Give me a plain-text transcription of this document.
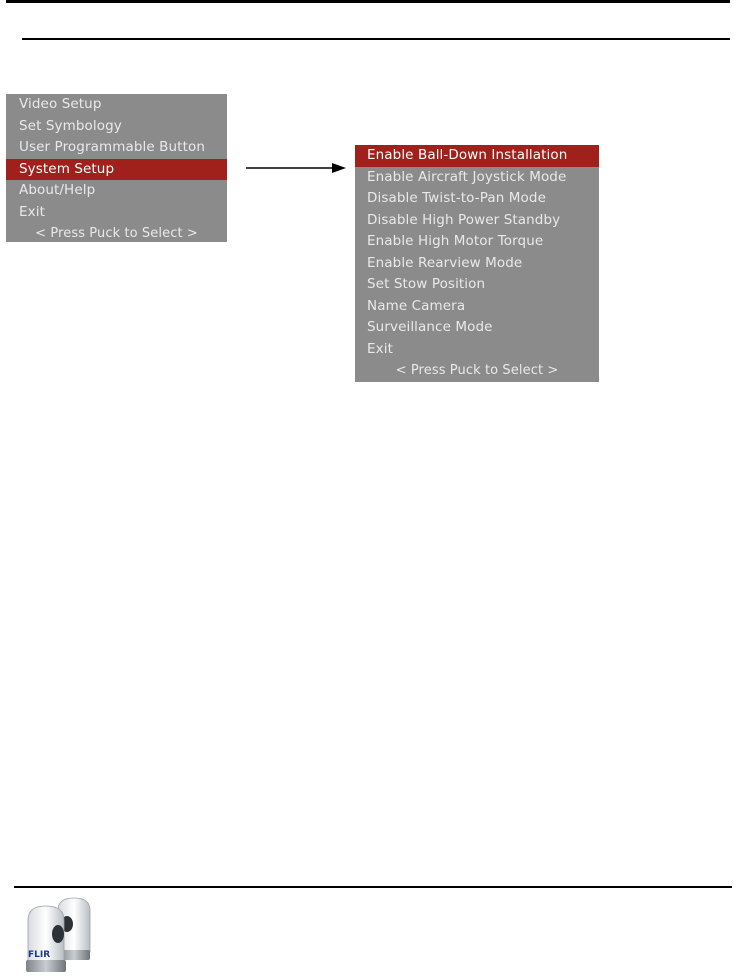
Video Setup
Set Symbology
User Programmable Button
System Setup
About/Help
Exit
< Press Puck to Select >
Enable Ball-Down Installation
Enable Aircraft Joystick Mode
Disable Twist-to-Pan Mode
Disable High Power Standby
Enable High Motor Torque
Enable Rearview Mode
Set Stow Position
Name Camera
Surveillance Mode
Exit
< Press Puck to Select >
FLIR
